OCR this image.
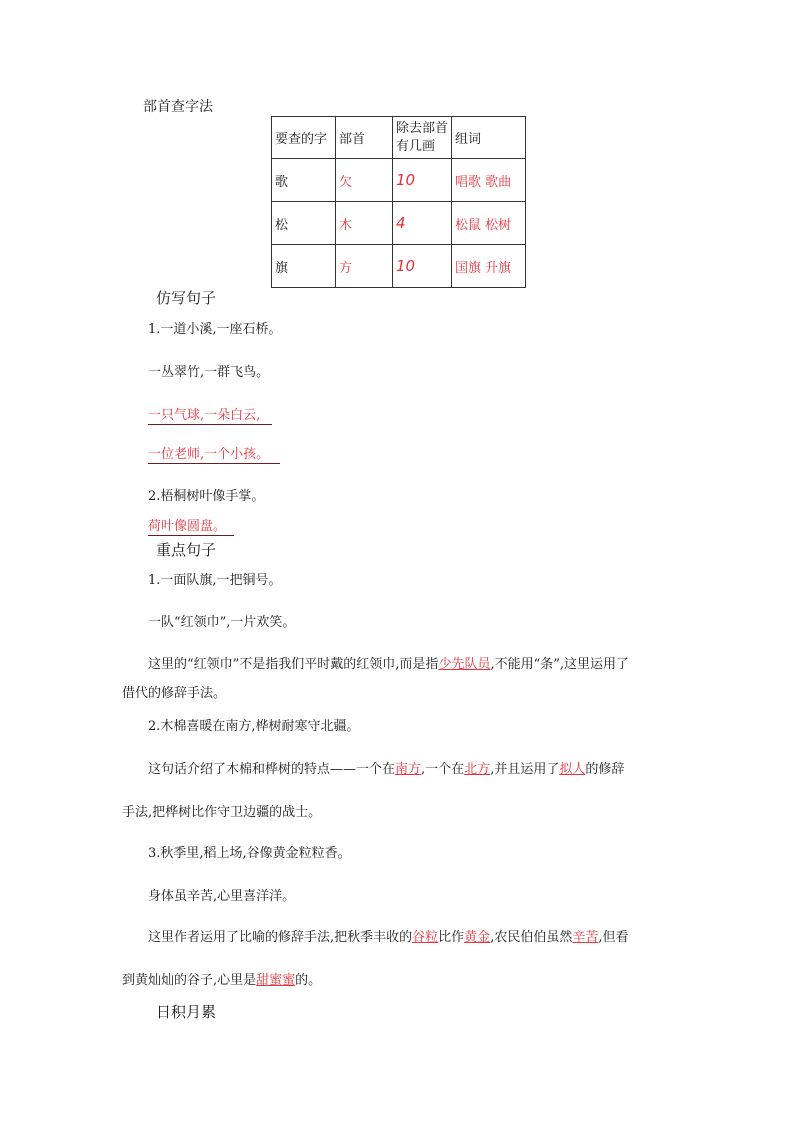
部首查字法
要查的字	部首	除去部首有几画	组词
歌	欠	10	唱歌 歌曲
松	木	4	松鼠 松树
旗	方	10	国旗 升旗
仿写句子
1.一道小溪,一座石桥。
一丛翠竹,一群飞鸟。
一只气球,一朵白云,
一位老师,一个小孩。
2.梧桐树叶像手掌。
荷叶像圆盘。
重点句子
1.一面队旗,一把铜号。
一队“红领巾”,一片欢笑。
这里的“红领巾”不是指我们平时戴的红领巾,而是指少先队员,不能用“条”,这里运用了
借代的修辞手法。
2.木棉喜暖在南方,桦树耐寒守北疆。
这句话介绍了木棉和桦树的特点——一个在南方,一个在北方,并且运用了拟人的修辞
手法,把桦树比作守卫边疆的战士。
3.秋季里,稻上场,谷像黄金粒粒香。
身体虽辛苦,心里喜洋洋。
这里作者运用了比喻的修辞手法,把秋季丰收的谷粒比作黄金,农民伯伯虽然辛苦,但看
到黄灿灿的谷子,心里是甜蜜蜜的。
日积月累
